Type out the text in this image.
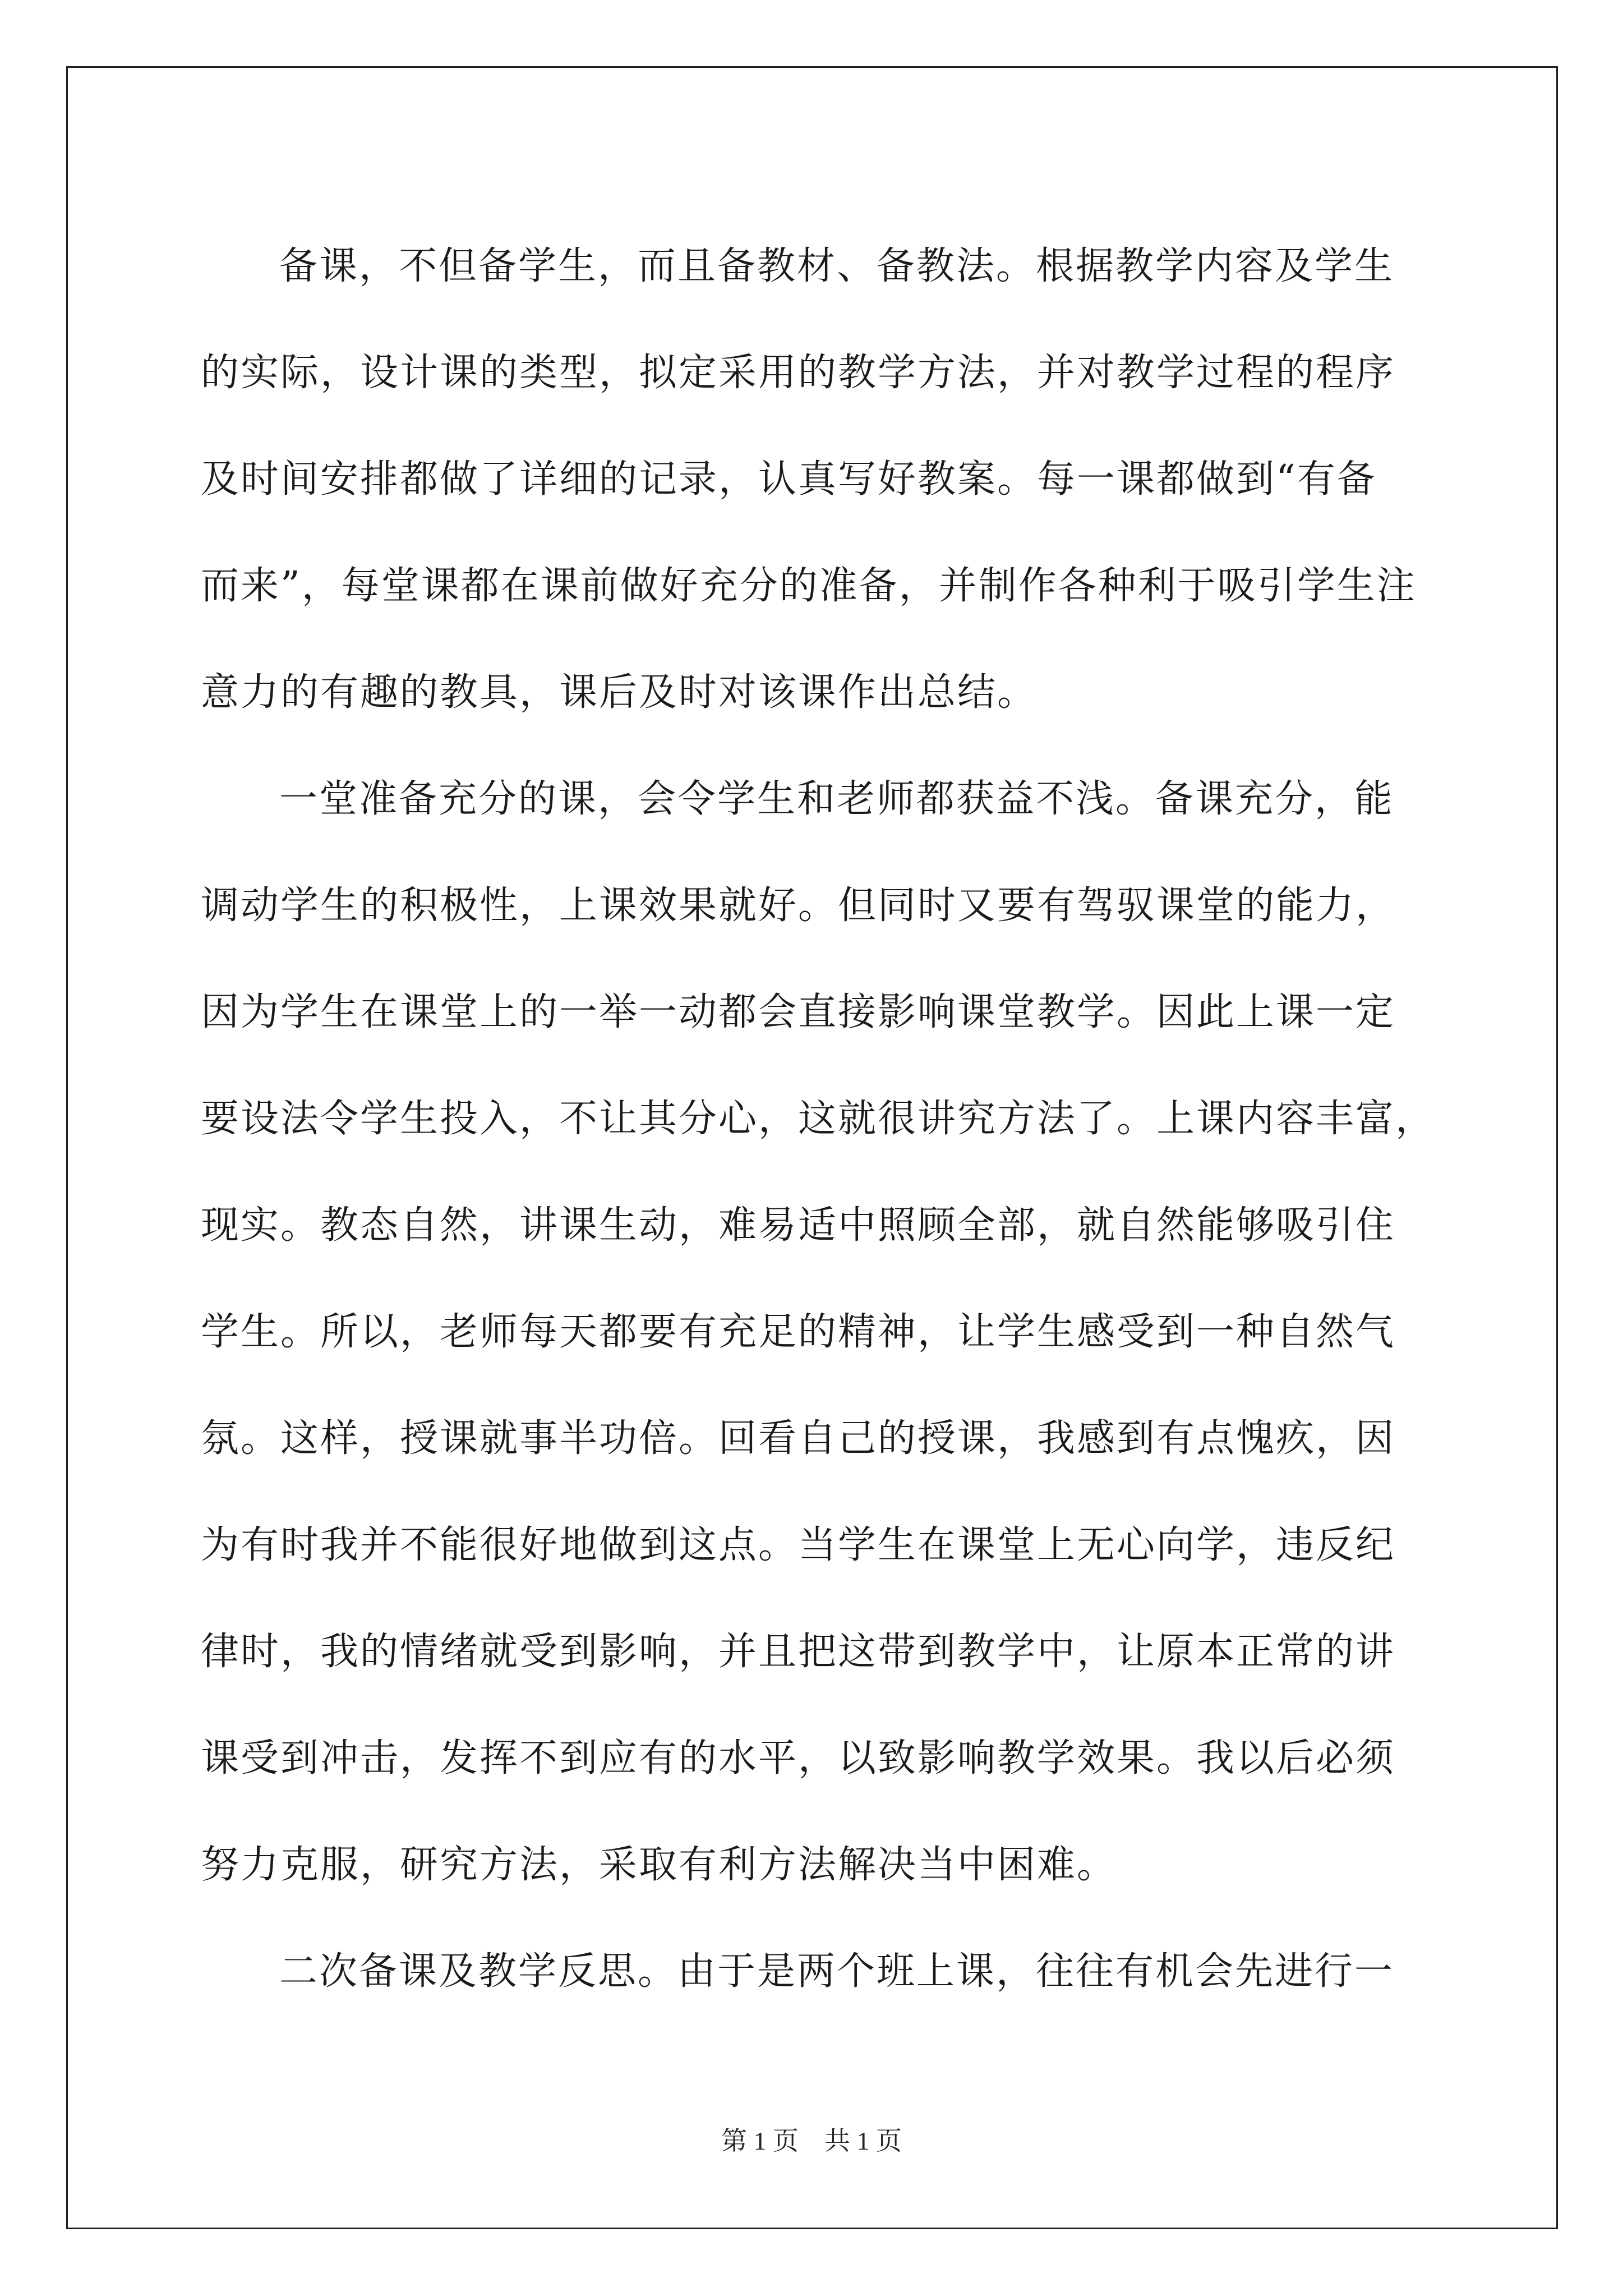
备课，不但备学生，而且备教材、备教法。根据教学内容及学生
的实际，设计课的类型，拟定采用的教学方法，并对教学过程的程序
及时间安排都做了详细的记录，认真写好教案。每一课都做到“有备
而来”，每堂课都在课前做好充分的准备，并制作各种利于吸引学生注
意力的有趣的教具，课后及时对该课作出总结。
一堂准备充分的课，会令学生和老师都获益不浅。备课充分，能
调动学生的积极性，上课效果就好。但同时又要有驾驭课堂的能力，
因为学生在课堂上的一举一动都会直接影响课堂教学。因此上课一定
要设法令学生投入，不让其分心，这就很讲究方法了。上课内容丰富，
现实。教态自然，讲课生动，难易适中照顾全部，就自然能够吸引住
学生。所以，老师每天都要有充足的精神，让学生感受到一种自然气
氛。这样，授课就事半功倍。回看自己的授课，我感到有点愧疚，因
为有时我并不能很好地做到这点。当学生在课堂上无心向学，违反纪
律时，我的情绪就受到影响，并且把这带到教学中，让原本正常的讲
课受到冲击，发挥不到应有的水平，以致影响教学效果。我以后必须
努力克服，研究方法，采取有利方法解决当中困难。
二次备课及教学反思。由于是两个班上课，往往有机会先进行一
第 1 页　共 1 页
